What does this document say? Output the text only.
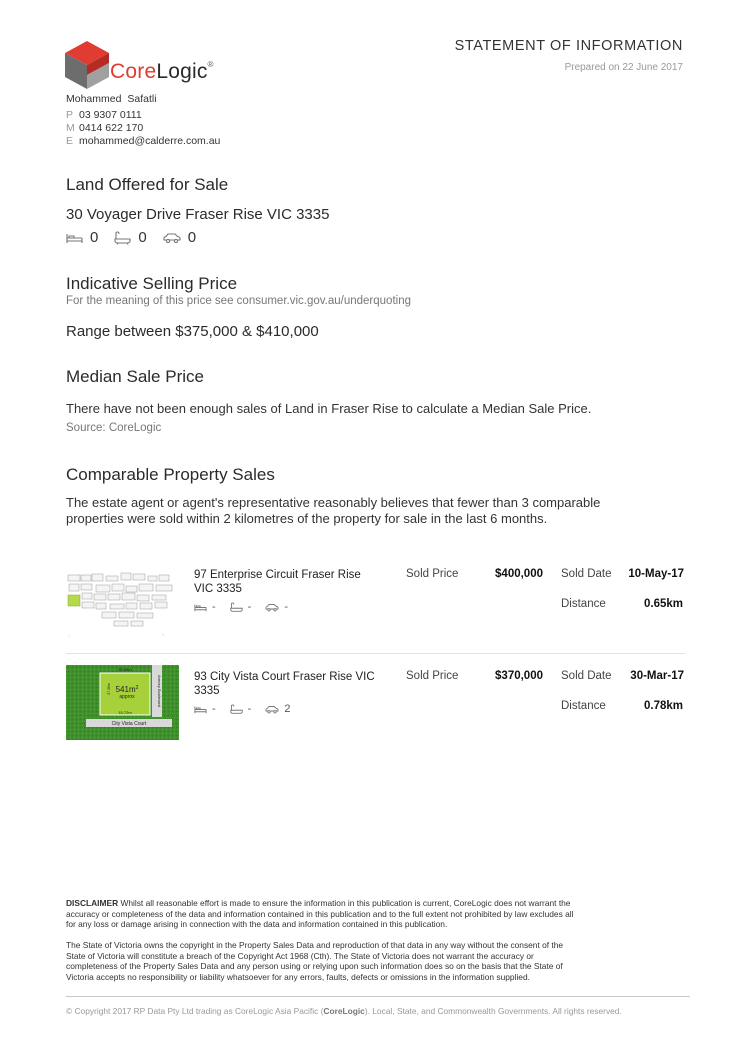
CoreLogic®
STATEMENT OF INFORMATION
Prepared on 22 June 2017
Mohammed Safatli
P 03 9307 0111
M 0414 622 170
E mohammed@calderre.com.au
Land Offered for Sale
30 Voyager Drive Fraser Rise VIC 3335
0	0	0
Indicative Selling Price
For the meaning of this price see consumer.vic.gov.au/underquoting
Range between $375,000 & $410,000
Median Sale Price
There have not been enough sales of Land in Fraser Rise to calculate a Median Sale Price.
Source: CoreLogic
Comparable Property Sales
The estate agent or agent's representative reasonably believes that fewer than 3 comparable
properties were sold within 2 kilometres of the property for sale in the last 6 months.
←	↑
97 Enterprise Circuit Fraser Rise
VIC 3335
-	-	-
Sold Price	$400,000 Sold Date	10-May-17
Distance	0.65km
20.05m
$541m^2$
approx
27.36m
15.72m
Armory Boulevard
City Vista Court
93 City Vista Court Fraser Rise VIC
3335
-	-	2
Sold Price	$370,000 Sold Date	30-Mar-17
Distance	0.78km
DISCLAIMER Whilst all reasonable effort is made to ensure the information in this publication is current, CoreLogic does not warrant the
accuracy or completeness of the data and information contained in this publication and to the full extent not prohibited by law excludes all
for any loss or damage arising in connection with the data and information contained in this publication.
The State of Victoria owns the copyright in the Property Sales Data and reproduction of that data in any way without the consent of the
State of Victoria will constitute a breach of the Copyright Act 1968 (Cth). The State of Victoria does not warrant the accuracy or
completeness of the Property Sales Data and any person using or relying upon such information does so on the basis that the State of
Victoria accepts no responsibility or liability whatsoever for any errors, faults, defects or omissions in the information supplied.
© Copyright 2017 RP Data Pty Ltd trading as CoreLogic Asia Pacific (CoreLogic). Local, State, and Commonwealth Governments. All rights reserved.
